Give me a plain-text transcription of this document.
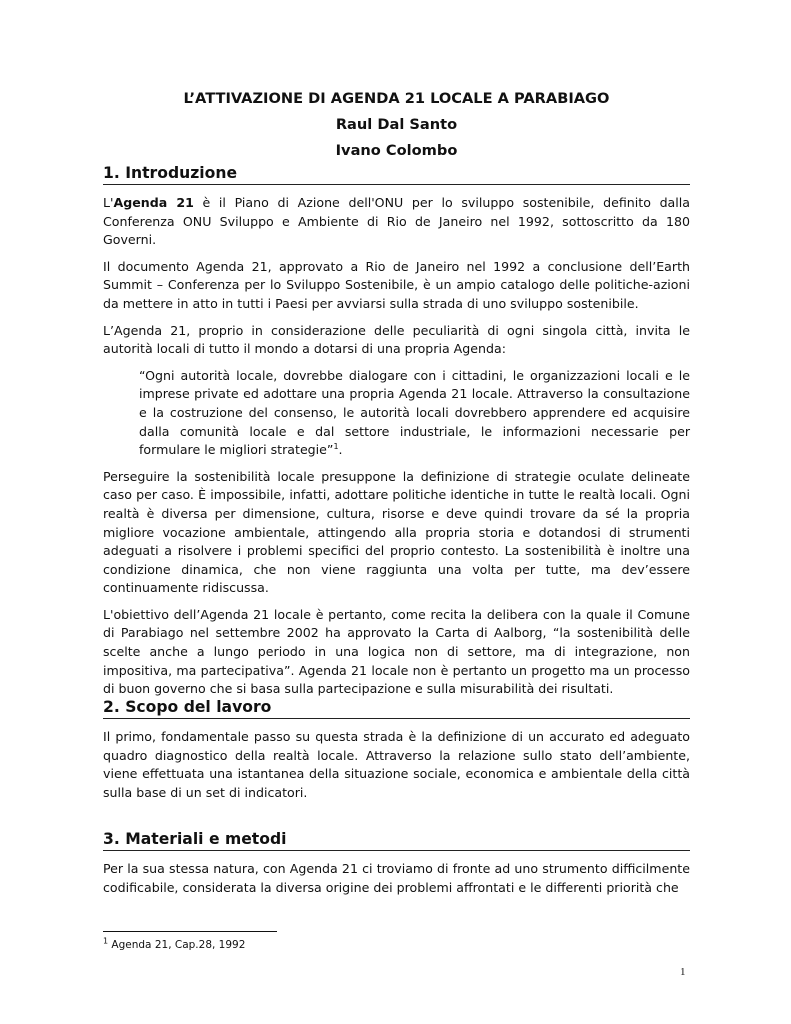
L’ATTIVAZIONE DI AGENDA 21 LOCALE A PARABIAGO

Raul Dal Santo

Ivano Colombo

1. Introduzione

L'Agenda 21 è il Piano di Azione dell'ONU per lo sviluppo sostenibile, definito dalla Conferenza ONU Sviluppo e Ambiente di Rio de Janeiro nel 1992, sottoscritto da 180 Governi.

Il documento Agenda 21, approvato a Rio de Janeiro nel 1992 a conclusione dell’Earth Summit – Conferenza per lo Sviluppo Sostenibile, è un ampio catalogo delle politiche-azioni da mettere in atto in tutti i Paesi per avviarsi sulla strada di uno sviluppo sostenibile.

L’Agenda 21, proprio in considerazione delle peculiarità di ogni singola città, invita le autorità locali di tutto il mondo a dotarsi di una propria Agenda:

“Ogni autorità locale, dovrebbe dialogare con i cittadini, le organizzazioni locali e le imprese private ed adottare una propria Agenda 21 locale. Attraverso la consultazione e la costruzione del consenso, le autorità locali dovrebbero apprendere ed acquisire dalla comunità locale e dal settore industriale, le informazioni necessarie per formulare le migliori strategie”$^1$.

Perseguire la sostenibilità locale presuppone la definizione di strategie oculate delineate caso per caso. È impossibile, infatti, adottare politiche identiche in tutte le realtà locali. Ogni realtà è diversa per dimensione, cultura, risorse e deve quindi trovare da sé la propria migliore vocazione ambientale, attingendo alla propria storia e dotandosi di strumenti adeguati a risolvere i problemi specifici del proprio contesto. La sostenibilità è inoltre una condizione dinamica, che non viene raggiunta una volta per tutte, ma dev’essere continuamente ridiscussa.

L'obiettivo dell’Agenda 21 locale è pertanto, come recita la delibera con la quale il Comune di Parabiago nel settembre 2002 ha approvato la Carta di Aalborg, “la sostenibilità delle scelte anche a lungo periodo in una logica non di settore, ma di integrazione, non impositiva, ma partecipativa”. Agenda 21 locale non è pertanto un progetto ma un processo di buon governo che si basa sulla partecipazione e sulla misurabilità dei risultati.

2. Scopo del lavoro

Il primo, fondamentale passo su questa strada è la definizione di un accurato ed adeguato quadro diagnostico della realtà locale. Attraverso la relazione sullo stato dell’ambiente, viene effettuata una istantanea della situazione sociale, economica e ambientale della città sulla base di un set di indicatori.

3. Materiali e metodi

Per la sua stessa natura, con Agenda 21 ci troviamo di fronte ad uno strumento difficilmente codificabile, considerata la diversa origine dei problemi affrontati e le differenti priorità che

$^1$ Agenda 21, Cap.28, 1992
1
